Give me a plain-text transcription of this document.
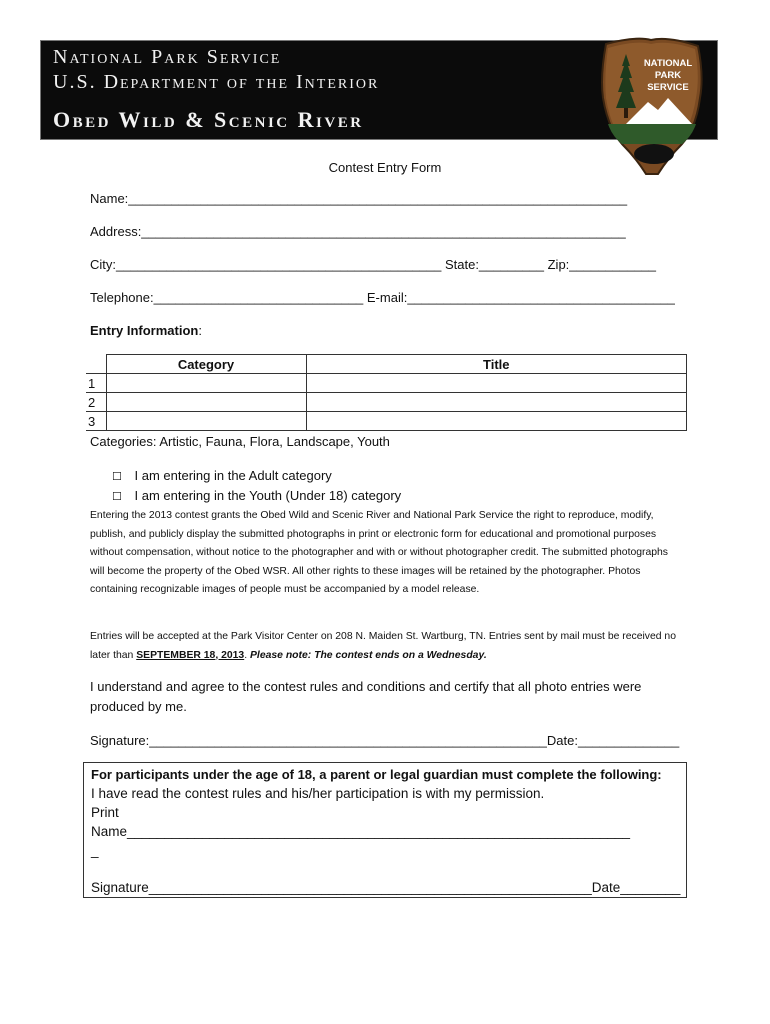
National Park Service
U.S. Department of the Interior
Obed Wild & Scenic River
NATIONAL
PARK
SERVICE
Contest Entry Form
Name:_____________________________________________________________________
Address:___________________________________________________________________
City:_____________________________________________ State:_________ Zip:____________
Telephone:_____________________________ E-mail:_____________________________________
Entry Information:
	Category	Title
1		
2		
3		
Categories: Artistic, Fauna, Flora, Landscape, Youth
☐ I am entering in the Adult category
☐ I am entering in the Youth (Under 18) category
Entering the 2013 contest grants the Obed Wild and Scenic River and National Park Service the right to reproduce, modify, publish, and publicly display the submitted photographs in print or electronic form for educational and promotional purposes without compensation, without notice to the photographer and with or without photographer credit. The submitted photographs will become the property of the Obed WSR. All other rights to these images will be retained by the photographer. Photos containing recognizable images of people must be accompanied by a model release.
Entries will be accepted at the Park Visitor Center on 208 N. Maiden St. Wartburg, TN. Entries sent by mail must be received no later than SEPTEMBER 18, 2013. Please note: The contest ends on a Wednesday.
I understand and agree to the contest rules and conditions and certify that all photo entries were produced by me.
Signature:_______________________________________________________Date:______________
For participants under the age of 18, a parent or legal guardian must complete the following:
I have read the contest rules and his/her participation is with my permission.
Print
Name___________________________________________________________________
_
Signature___________________________________________________________Date________
